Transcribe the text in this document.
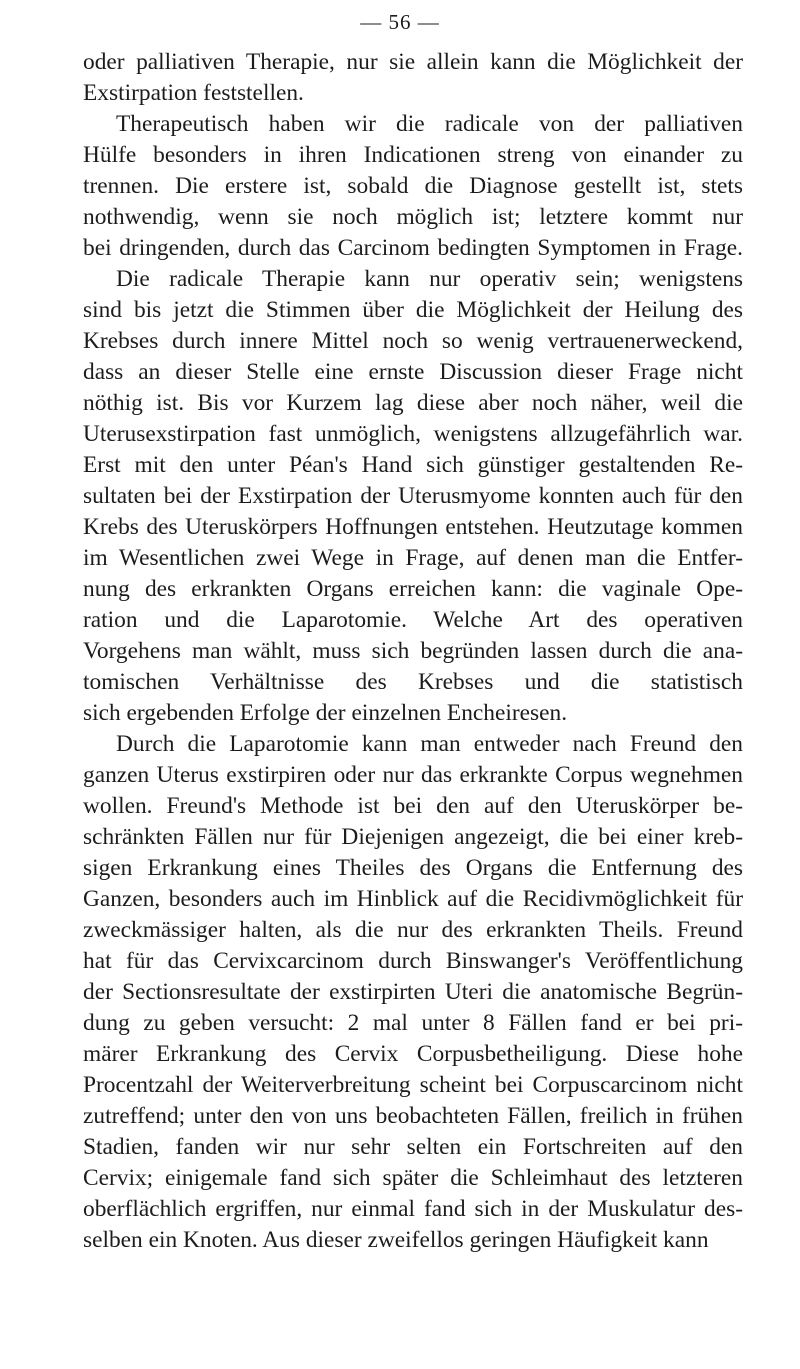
— 56 —
oder palliativen Therapie, nur sie allein kann die Möglichkeit der
Exstirpation feststellen.
Therapeutisch haben wir die radicale von der palliativen
Hülfe besonders in ihren Indicationen streng von einander zu
trennen. Die erstere ist, sobald die Diagnose gestellt ist, stets
nothwendig, wenn sie noch möglich ist; letztere kommt nur
bei dringenden, durch das Carcinom bedingten Symptomen in Frage.
Die radicale Therapie kann nur operativ sein; wenigstens
sind bis jetzt die Stimmen über die Möglichkeit der Heilung des
Krebses durch innere Mittel noch so wenig vertrauenerweckend,
dass an dieser Stelle eine ernste Discussion dieser Frage nicht
nöthig ist. Bis vor Kurzem lag diese aber noch näher, weil die
Uterusexstirpation fast unmöglich, wenigstens allzugefährlich war.
Erst mit den unter Péan's Hand sich günstiger gestaltenden Re-
sultaten bei der Exstirpation der Uterusmyome konnten auch für den
Krebs des Uteruskörpers Hoffnungen entstehen. Heutzutage kommen
im Wesentlichen zwei Wege in Frage, auf denen man die Entfer-
nung des erkrankten Organs erreichen kann: die vaginale Ope-
ration und die Laparotomie. Welche Art des operativen
Vorgehens man wählt, muss sich begründen lassen durch die ana-
tomischen Verhältnisse des Krebses und die statistisch
sich ergebenden Erfolge der einzelnen Encheiresen.
Durch die Laparotomie kann man entweder nach Freund den
ganzen Uterus exstirpiren oder nur das erkrankte Corpus wegnehmen
wollen. Freund's Methode ist bei den auf den Uteruskörper be-
schränkten Fällen nur für Diejenigen angezeigt, die bei einer kreb-
sigen Erkrankung eines Theiles des Organs die Entfernung des
Ganzen, besonders auch im Hinblick auf die Recidivmöglichkeit für
zweckmässiger halten, als die nur des erkrankten Theils. Freund
hat für das Cervixcarcinom durch Binswanger's Veröffentlichung
der Sectionsresultate der exstirpirten Uteri die anatomische Begrün-
dung zu geben versucht: 2 mal unter 8 Fällen fand er bei pri-
märer Erkrankung des Cervix Corpusbetheiligung. Diese hohe
Procentzahl der Weiterverbreitung scheint bei Corpuscarcinom nicht
zutreffend; unter den von uns beobachteten Fällen, freilich in frühen
Stadien, fanden wir nur sehr selten ein Fortschreiten auf den
Cervix; einigemale fand sich später die Schleimhaut des letzteren
oberflächlich ergriffen, nur einmal fand sich in der Muskulatur des-
selben ein Knoten. Aus dieser zweifellos geringen Häufigkeit kann
